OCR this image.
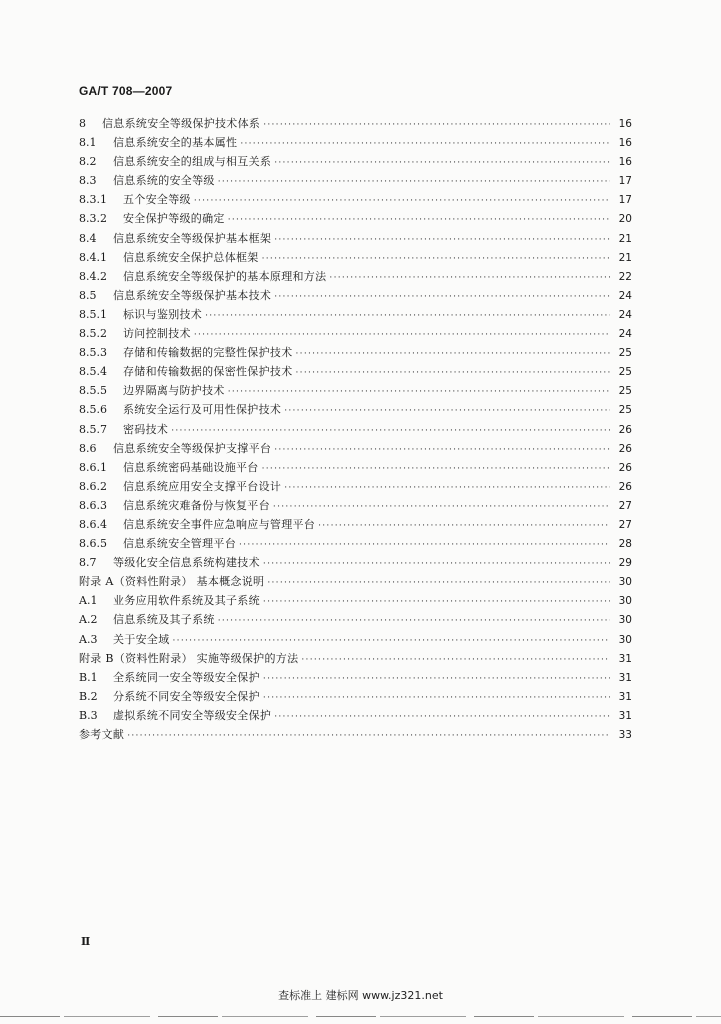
GA/T 708—2007
8	信息系统安全等级保护技术体系 ·····	16
8.1	信息系统安全的基本属性 ·····	16
8.2	信息系统安全的组成与相互关系 ·····	16
8.3	信息系统的安全等级 ·····	17
8.3.1	五个安全等级 ·····	17
8.3.2	安全保护等级的确定 ·····	20
8.4	信息系统安全等级保护基本框架 ·····	21
8.4.1	信息系统安全保护总体框架 ·····	21
8.4.2	信息系统安全等级保护的基本原理和方法 ·····	22
8.5	信息系统安全等级保护基本技术 ·····	24
8.5.1	标识与鉴别技术 ·····	24
8.5.2	访问控制技术 ·····	24
8.5.3	存储和传输数据的完整性保护技术 ·····	25
8.5.4	存储和传输数据的保密性保护技术 ·····	25
8.5.5	边界隔离与防护技术 ·····	25
8.5.6	系统安全运行及可用性保护技术 ·····	25
8.5.7	密码技术 ·····	26
8.6	信息系统安全等级保护支撑平台 ·····	26
8.6.1	信息系统密码基础设施平台 ·····	26
8.6.2	信息系统应用安全支撑平台设计 ·····	26
8.6.3	信息系统灾难备份与恢复平台 ·····	27
8.6.4	信息系统安全事件应急响应与管理平台 ·····	27
8.6.5	信息系统安全管理平台 ·····	28
8.7	等级化安全信息系统构建技术 ·····	29
附录 A（资料性附录） 基本概念说明 ·····	30
A.1	业务应用软件系统及其子系统 ·····	30
A.2	信息系统及其子系统 ·····	30
A.3	关于安全域 ·····	30
附录 B（资料性附录） 实施等级保护的方法 ·····	31
B.1	全系统同一安全等级安全保护 ·····	31
B.2	分系统不同安全等级安全保护 ·····	31
B.3	虚拟系统不同安全等级安全保护 ·····	31
参考文献 ·····	33
Ⅱ
查标准上 建标网 www.jz321.net
